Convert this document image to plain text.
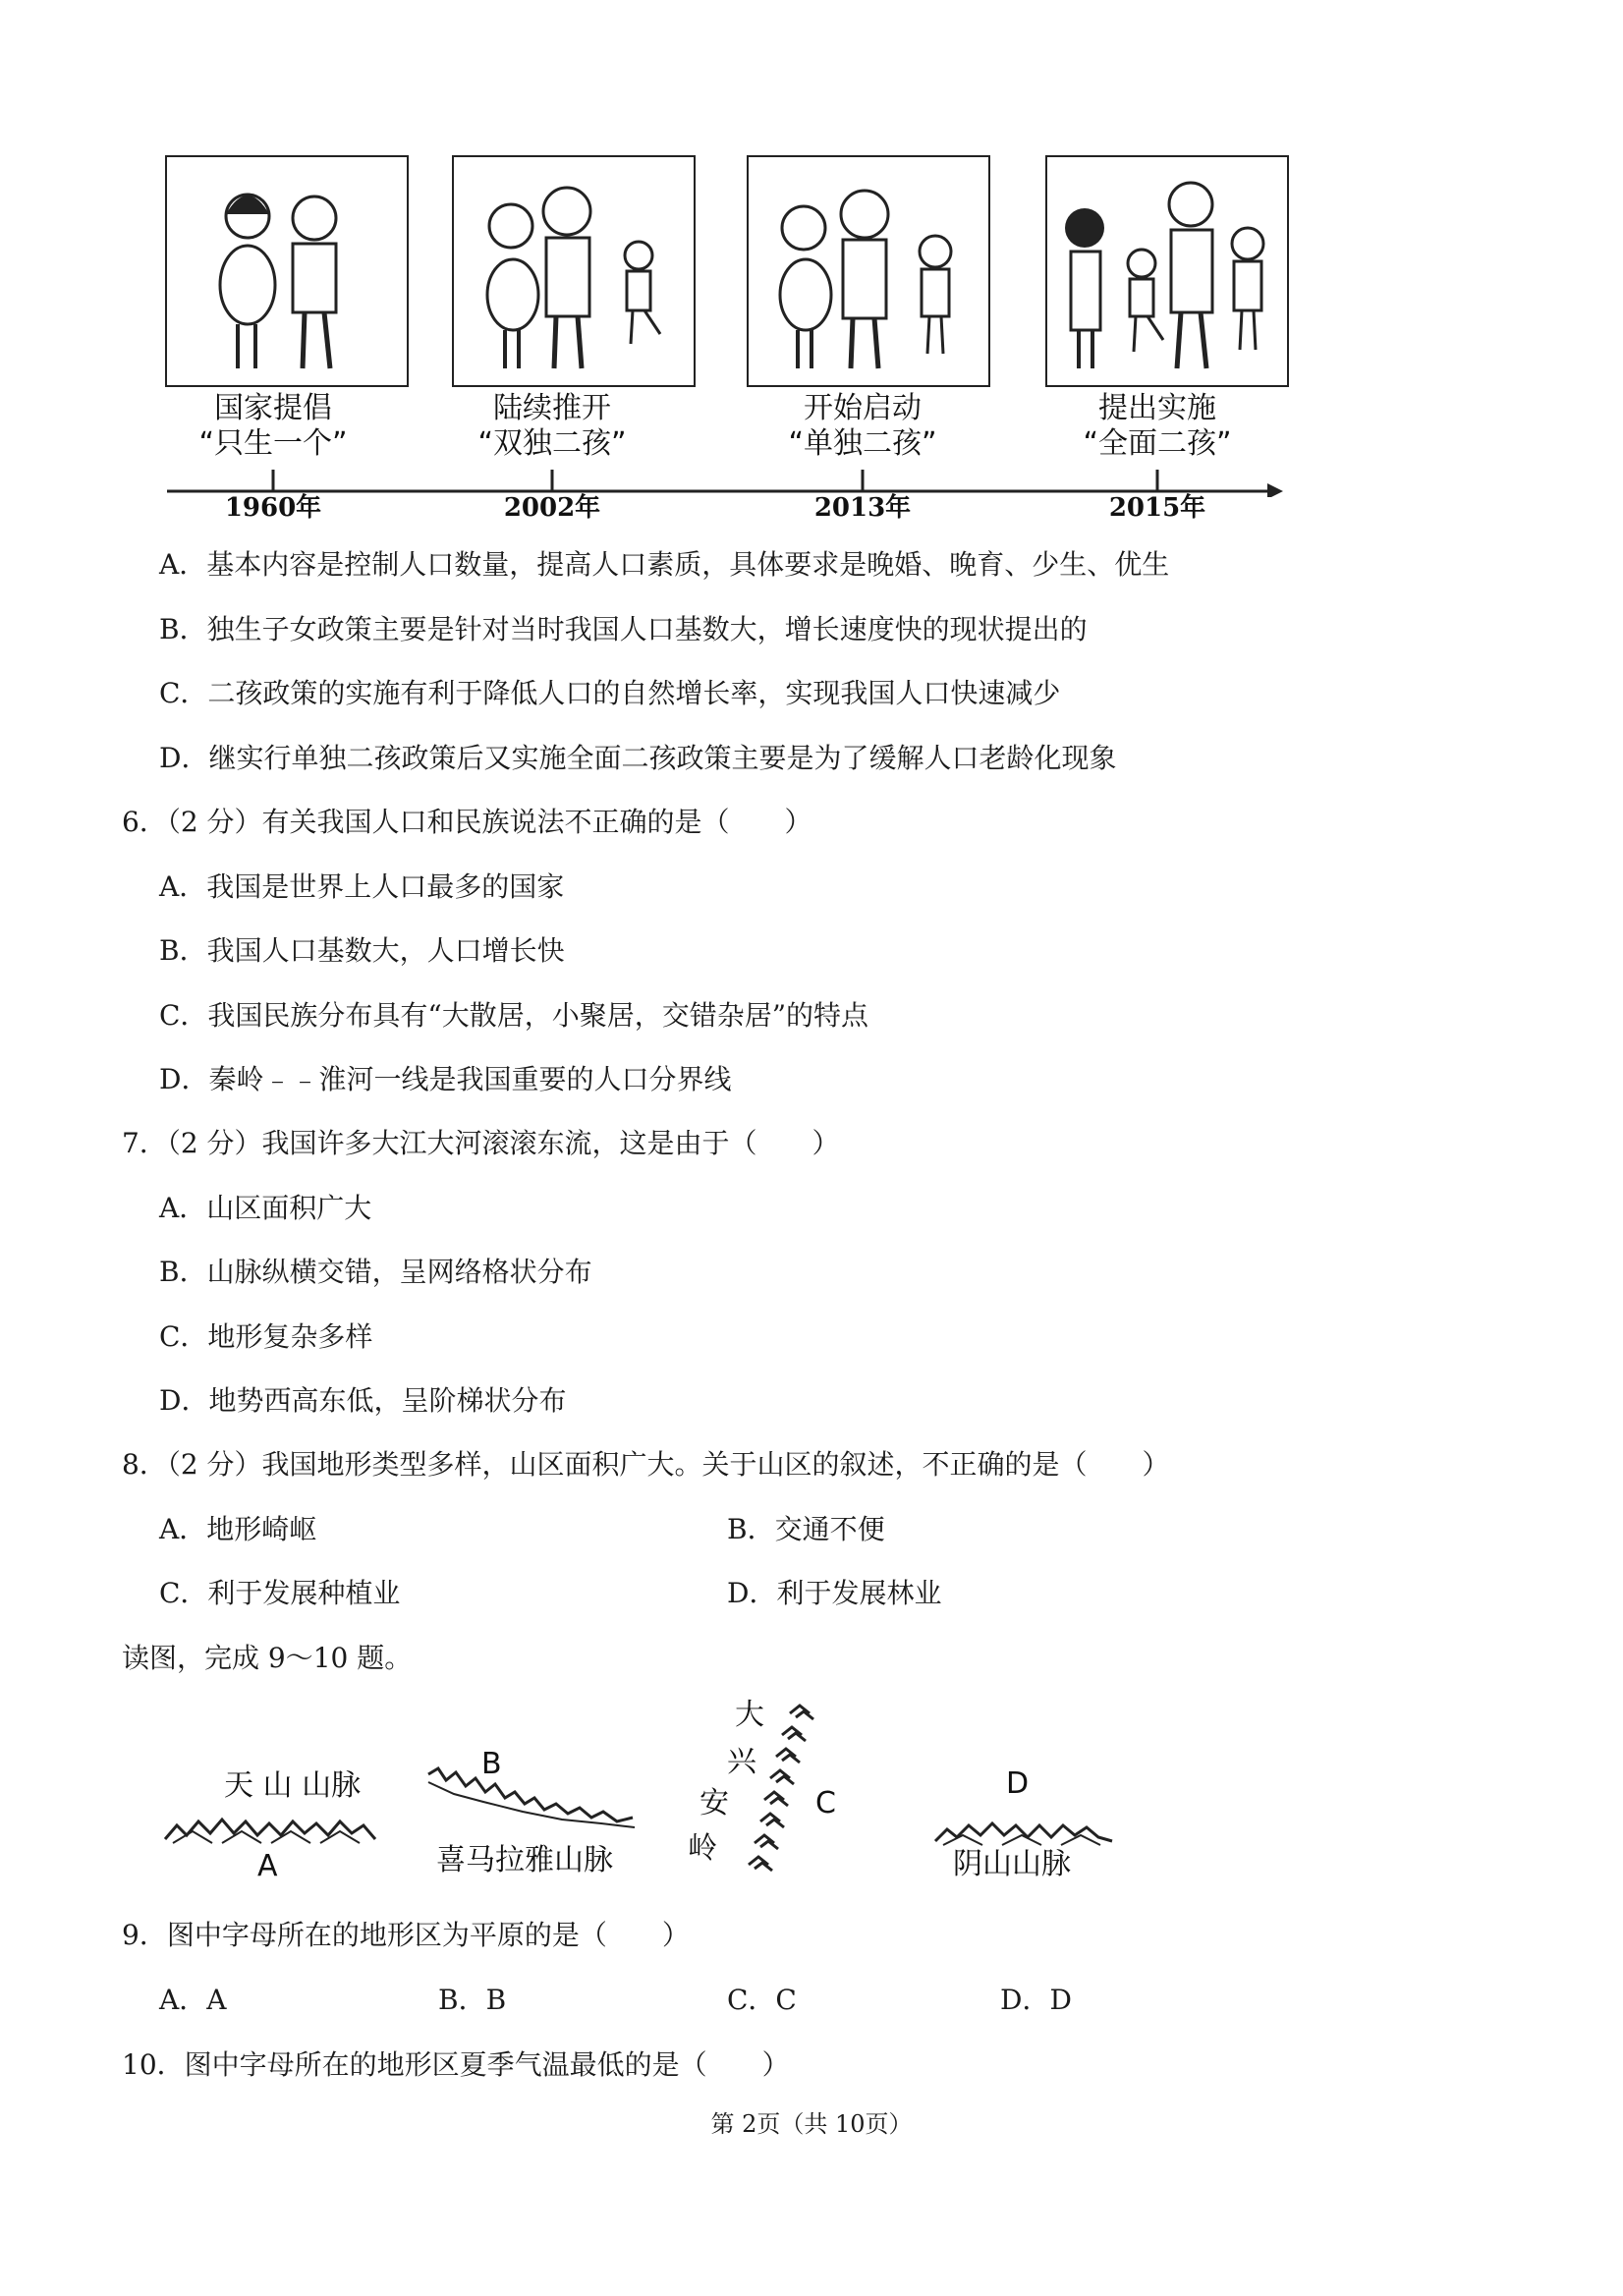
国家提倡
“只生一个”
陆续推开
“双独二孩”
开始启动
“单独二孩”
提出实施
“全面二孩”
1960年	2002年	2013年	2015年
A．基本内容是控制人口数量，提高人口素质，具体要求是晚婚、晚育、少生、优生
B．独生子女政策主要是针对当时我国人口基数大，增长速度快的现状提出的
C．二孩政策的实施有利于降低人口的自然增长率，实现我国人口快速减少
D．继实行单独二孩政策后又实施全面二孩政策主要是为了缓解人口老龄化现象
6．（2 分）有关我国人口和民族说法不正确的是（　　）
A．我国是世界上人口最多的国家
B．我国人口基数大，人口增长快
C．我国民族分布具有“大散居，小聚居，交错杂居”的特点
D．秦岭﹣﹣淮河一线是我国重要的人口分界线
7．（2 分）我国许多大江大河滚滚东流，这是由于（　　）
A．山区面积广大
B．山脉纵横交错，呈网络格状分布
C．地形复杂多样
D．地势西高东低，呈阶梯状分布
8．（2 分）我国地形类型多样，山区面积广大。关于山区的叙述，不正确的是（　　）
A．地形崎岖	B．交通不便
C．利于发展种植业	D．利于发展林业
读图，完成 9～10 题。
天 山 山脉
A
B
喜马拉雅山脉
大
兴
安
岭
C
D
阴山山脉
9．图中字母所在的地形区为平原的是（　　）
A．A	B．B	C．C	D．D
10．图中字母所在的地形区夏季气温最低的是（　　）
第 2页（共 10页）
